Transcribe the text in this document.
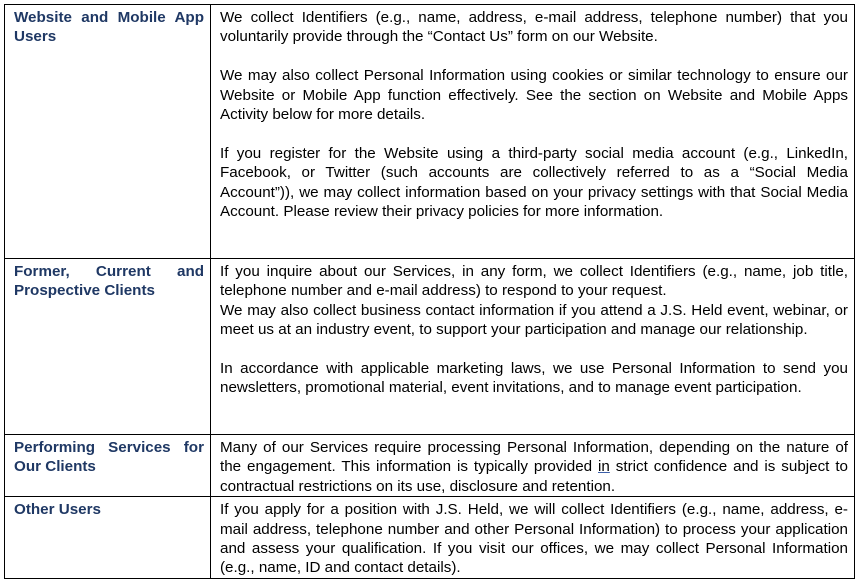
Website and Mobile App Users	We collect Identifiers (e.g., name, address, e-mail address, telephone number) that you voluntarily provide through the “Contact Us” form on our Website.

We may also collect Personal Information using cookies or similar technology to ensure our Website or Mobile App function effectively. See the section on Website and Mobile Apps Activity below for more details.

If you register for the Website using a third-party social media account (e.g., LinkedIn, Facebook, or Twitter (such accounts are collectively referred to as a “Social Media Account”)), we may collect information based on your privacy settings with that Social Media Account. Please review their privacy policies for more information.

Former, Current and Prospective Clients	If you inquire about our Services, in any form, we collect Identifiers (e.g., name, job title, telephone number and e-mail address) to respond to your request.

We may also collect business contact information if you attend a J.S. Held event, webinar, or meet us at an industry event, to support your participation and manage our relationship.

In accordance with applicable marketing laws, we use Personal Information to send you newsletters, promotional material, event invitations, and to manage event participation.

Performing Services for Our Clients	Many of our Services require processing Personal Information, depending on the nature of the engagement. This information is typically provided in strict confidence and is subject to contractual restrictions on its use, disclosure and retention.

Other Users	If you apply for a position with J.S. Held, we will collect Identifiers (e.g., name, address, e-mail address, telephone number and other Personal Information) to process your application and assess your qualification. If you visit our offices, we may collect Personal Information (e.g., name, ID and contact details).
